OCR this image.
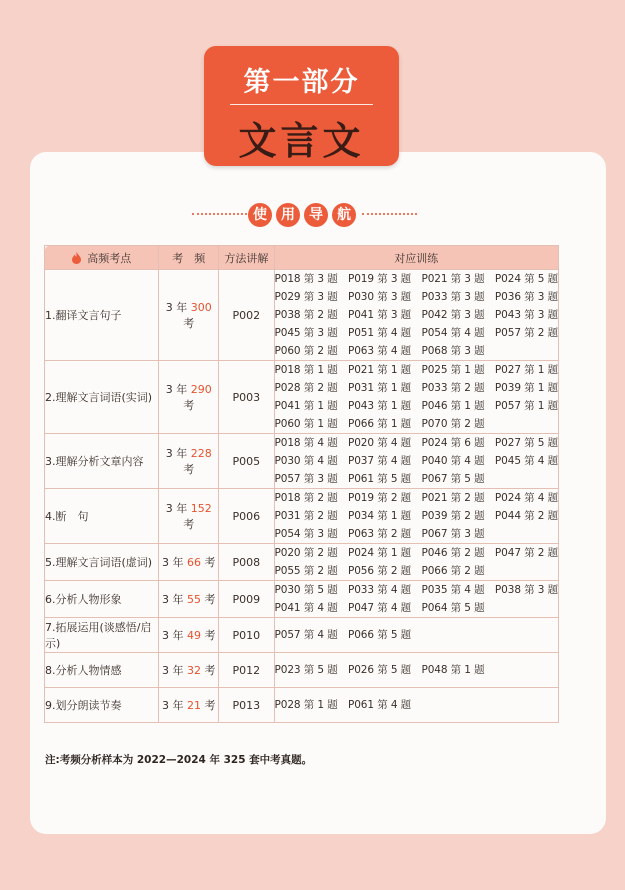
第一部分
文言文
使	用	导	航
高频考点	考　频	方法讲解	对应训练
1.翻译文言句子	3 年 300 考	P002	P018 第 3 题　P019 第 3 题　P021 第 3 题　P024 第 5 题
P029 第 3 题　P030 第 3 题　P033 第 3 题　P036 第 3 题
P038 第 2 题　P041 第 3 题　P042 第 3 题　P043 第 3 题
P045 第 3 题　P051 第 4 题　P054 第 4 题　P057 第 2 题
P060 第 2 题　P063 第 4 题　P068 第 3 题

2.理解文言词语(实词)	3 年 290 考	P003	P018 第 1 题　P021 第 1 题　P025 第 1 题　P027 第 1 题
P028 第 2 题　P031 第 1 题　P033 第 2 题　P039 第 1 题
P041 第 1 题　P043 第 1 题　P046 第 1 题　P057 第 1 题
P060 第 1 题　P066 第 1 题　P070 第 2 题

3.理解分析文章内容	3 年 228 考	P005	P018 第 4 题　P020 第 4 题　P024 第 6 题　P027 第 5 题
P030 第 4 题　P037 第 4 题　P040 第 4 题　P045 第 4 题
P057 第 3 题　P061 第 5 题　P067 第 5 题

4.断　句	3 年 152 考	P006	P018 第 2 题　P019 第 2 题　P021 第 2 题　P024 第 4 题
P031 第 2 题　P034 第 1 题　P039 第 2 题　P044 第 2 题
P054 第 3 题　P063 第 2 题　P067 第 3 题

5.理解文言词语(虚词)	3 年 66 考	P008	P020 第 2 题　P024 第 1 题　P046 第 2 题　P047 第 2 题
P055 第 2 题　P056 第 2 题　P066 第 2 题

6.分析人物形象	3 年 55 考	P009	P030 第 5 题　P033 第 4 题　P035 第 4 题　P038 第 3 题
P041 第 4 题　P047 第 4 题　P064 第 5 题

7.拓展运用(谈感悟/启示)	3 年 49 考	P010	P057 第 4 题　P066 第 5 题

8.分析人物情感	3 年 32 考	P012	P023 第 5 题　P026 第 5 题　P048 第 1 题

9.划分朗读节奏	3 年 21 考	P013	P028 第 1 题　P061 第 4 题
注:考频分析样本为 2022—2024 年 325 套中考真题。
